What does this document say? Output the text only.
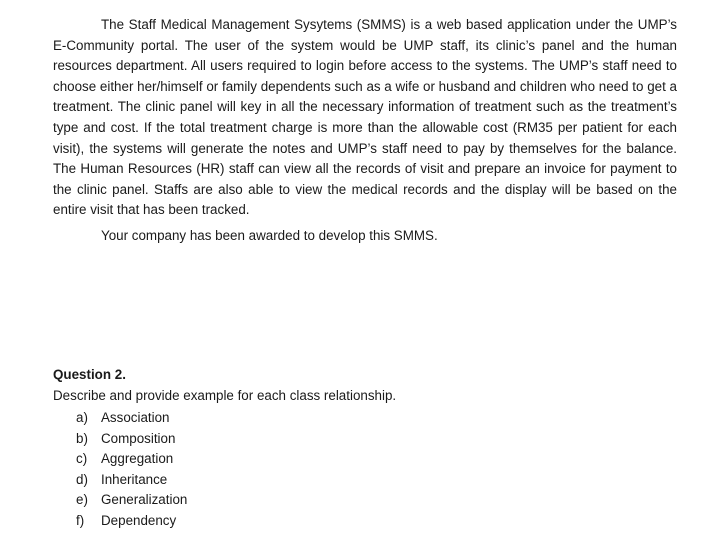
The Staff Medical Management Sysytems (SMMS) is a web based application under the UMP’s E-Community portal. The user of the system would be UMP staff, its clinic’s panel and the human resources department. All users required to login before access to the systems. The UMP’s staff need to choose either her/himself or family dependents such as a wife or husband and children who need to get a treatment. The clinic panel will key in all the necessary information of treatment such as the treatment’s type and cost. If the total treatment charge is more than the allowable cost (RM35 per patient for each visit), the systems will generate the notes and UMP’s staff need to pay by themselves for the balance. The Human Resources (HR) staff can view all the records of visit and prepare an invoice for payment to the clinic panel. Staffs are also able to view the medical records and the display will be based on the entire visit that has been tracked.

Your company has been awarded to develop this SMMS.

Question 2.

Describe and provide example for each class relationship.

a) Association
b) Composition
c)	Aggregation
d) Inheritance
e) Generalization
f)	Dependency
